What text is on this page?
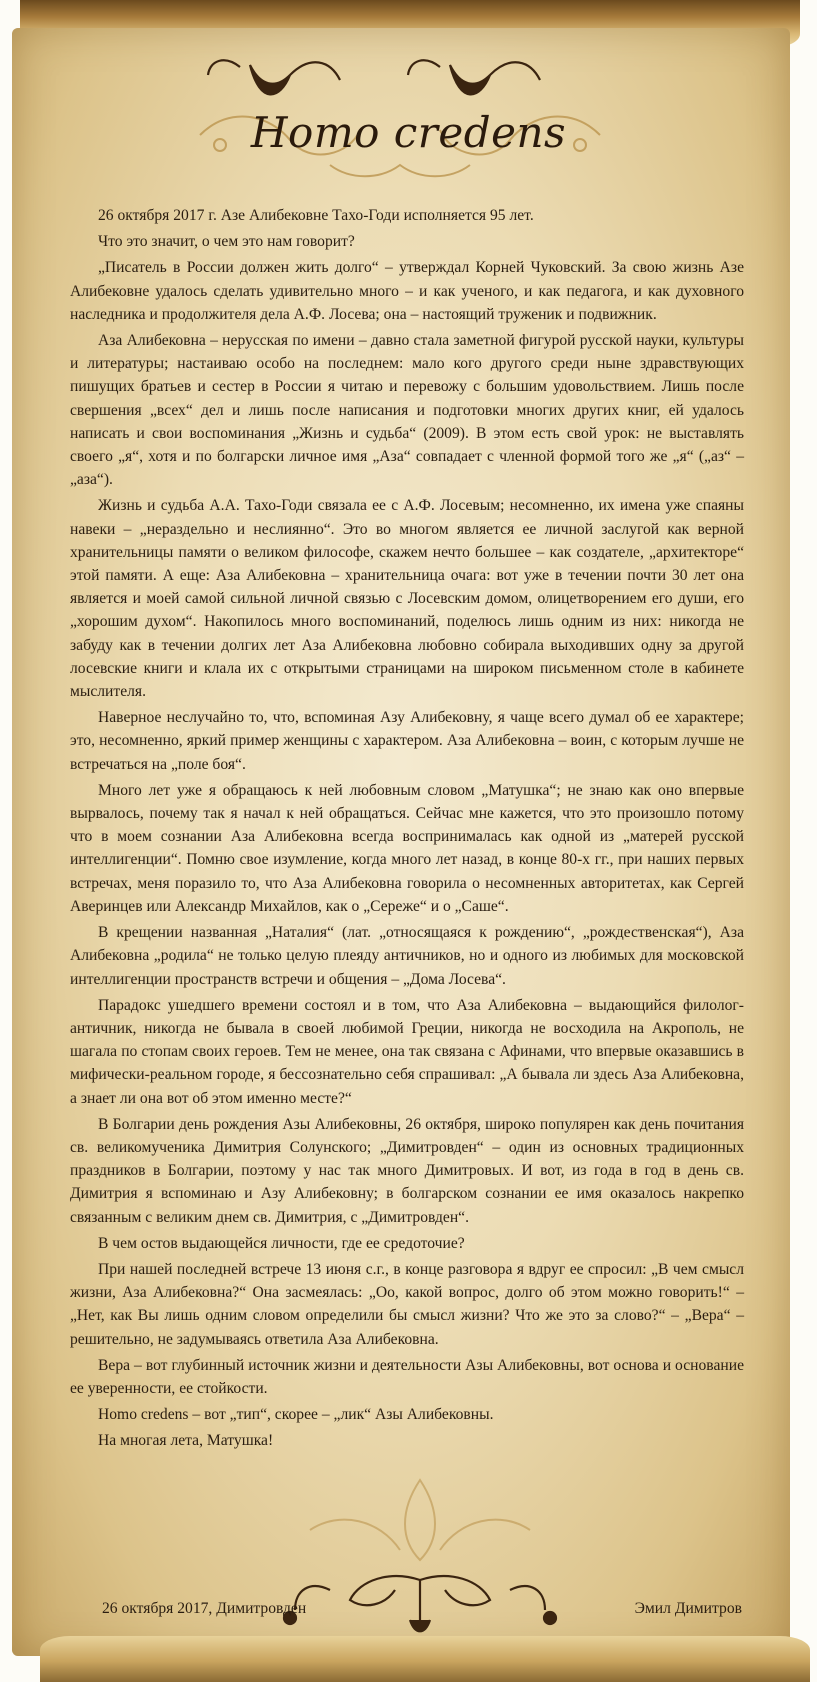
Homo credens

26 октября 2017 г. Азе Алибековне Тахо-Годи исполняется 95 лет.

Что это значит, о чем это нам говорит?

„Писатель в России должен жить долго“ – утверждал Корней Чуковский. За свою жизнь Азе Алибековне удалось сделать удивительно много – и как ученого, и как педагога, и как духовного наследника и продолжителя дела А.Ф. Лосева; она – настоящий труженик и подвижник.

Аза Алибековна – нерусская по имени – давно стала заметной фигурой русской науки, культуры и литературы; настаиваю особо на последнем: мало кого другого среди ныне здравствующих пишущих братьев и сестер в России я читаю и перевожу с большим удовольствием. Лишь после свершения „всех“ дел и лишь после написания и подготовки многих других книг, ей удалось написать и свои воспоминания „Жизнь и судьба“ (2009). В этом есть свой урок: не выставлять своего „я“, хотя и по болгарски личное имя „Аза“ совпадает с членной формой того же „я“ („аз“ – „аза“).

Жизнь и судьба А.А. Тахо-Годи связала ее с А.Ф. Лосевым; несомненно, их имена уже спаяны навеки – „нераздельно и неслиянно“. Это во многом является ее личной заслугой как верной хранительницы памяти о великом философе, скажем нечто большее – как создателе, „архитекторе“ этой памяти. А еще: Аза Алибековна – хранительница очага: вот уже в течении почти 30 лет она является и моей самой сильной личной связью с Лосевским домом, олицетворением его души, его „хорошим духом“. Накопилось много воспоминаний, поделюсь лишь одним из них: никогда не забуду как в течении долгих лет Аза Алибековна любовно собирала выходивших одну за другой лосевские книги и клала их с открытыми страницами на широком письменном столе в кабинете мыслителя.

Наверное неслучайно то, что, вспоминая Азу Алибековну, я чаще всего думал об ее характере; это, несомненно, яркий пример женщины с характером. Аза Алибековна – воин, с которым лучше не встречаться на „поле боя“.

Много лет уже я обращаюсь к ней любовным словом „Матушка“; не знаю как оно впервые вырвалось, почему так я начал к ней обращаться. Сейчас мне кажется, что это произошло потому что в моем сознании Аза Алибековна всегда воспринималась как одной из „матерей русской интеллигенции“. Помню свое изумление, когда много лет назад, в конце 80-х гг., при наших первых встречах, меня поразило то, что Аза Алибековна говорила о несомненных авторитетах, как Сергей Аверинцев или Александр Михайлов, как о „Сереже“ и о „Саше“.

В крещении названная „Наталия“ (лат. „относящаяся к рождению“, „рождественская“), Аза Алибековна „родила“ не только целую плеяду античников, но и одного из любимых для московской интеллигенции пространств встречи и общения – „Дома Лосева“.

Парадокс ушедшего времени состоял и в том, что Аза Алибековна – выдающийся филолог-античник, никогда не бывала в своей любимой Греции, никогда не восходила на Акрополь, не шагала по стопам своих героев. Тем не менее, она так связана с Афинами, что впервые оказавшись в мифически-реальном городе, я бессознательно себя спрашивал: „А бывала ли здесь Аза Алибековна, а знает ли она вот об этом именно месте?“

В Болгарии день рождения Азы Алибековны, 26 октября, широко популярен как день почитания св. великомученика Димитрия Солунского; „Димитровден“ – один из основных традиционных праздников в Болгарии, поэтому у нас так много Димитровых. И вот, из года в год в день св. Димитрия я вспоминаю и Азу Алибековну; в болгарском сознании ее имя оказалось накрепко связанным с великим днем св. Димитрия, с „Димитровден“.

В чем остов выдающейся личности, где ее средоточие?

При нашей последней встрече 13 июня с.г., в конце разговора я вдруг ее спросил: „В чем смысл жизни, Аза Алибековна?“ Она засмеялась: „Оо, какой вопрос, долго об этом можно говорить!“ – „Нет, как Вы лишь одним словом определили бы смысл жизни? Что же это за слово?“ – „Вера“ – решительно, не задумываясь ответила Аза Алибековна.

Вера – вот глубинный источник жизни и деятельности Азы Алибековны, вот основа и основание ее уверенности, ее стойкости.

Homo credens – вот „тип“, скорее – „лик“ Азы Алибековны.

На многая лета, Матушка!

26 октября 2017, Димитровден	Эмил Димитров
